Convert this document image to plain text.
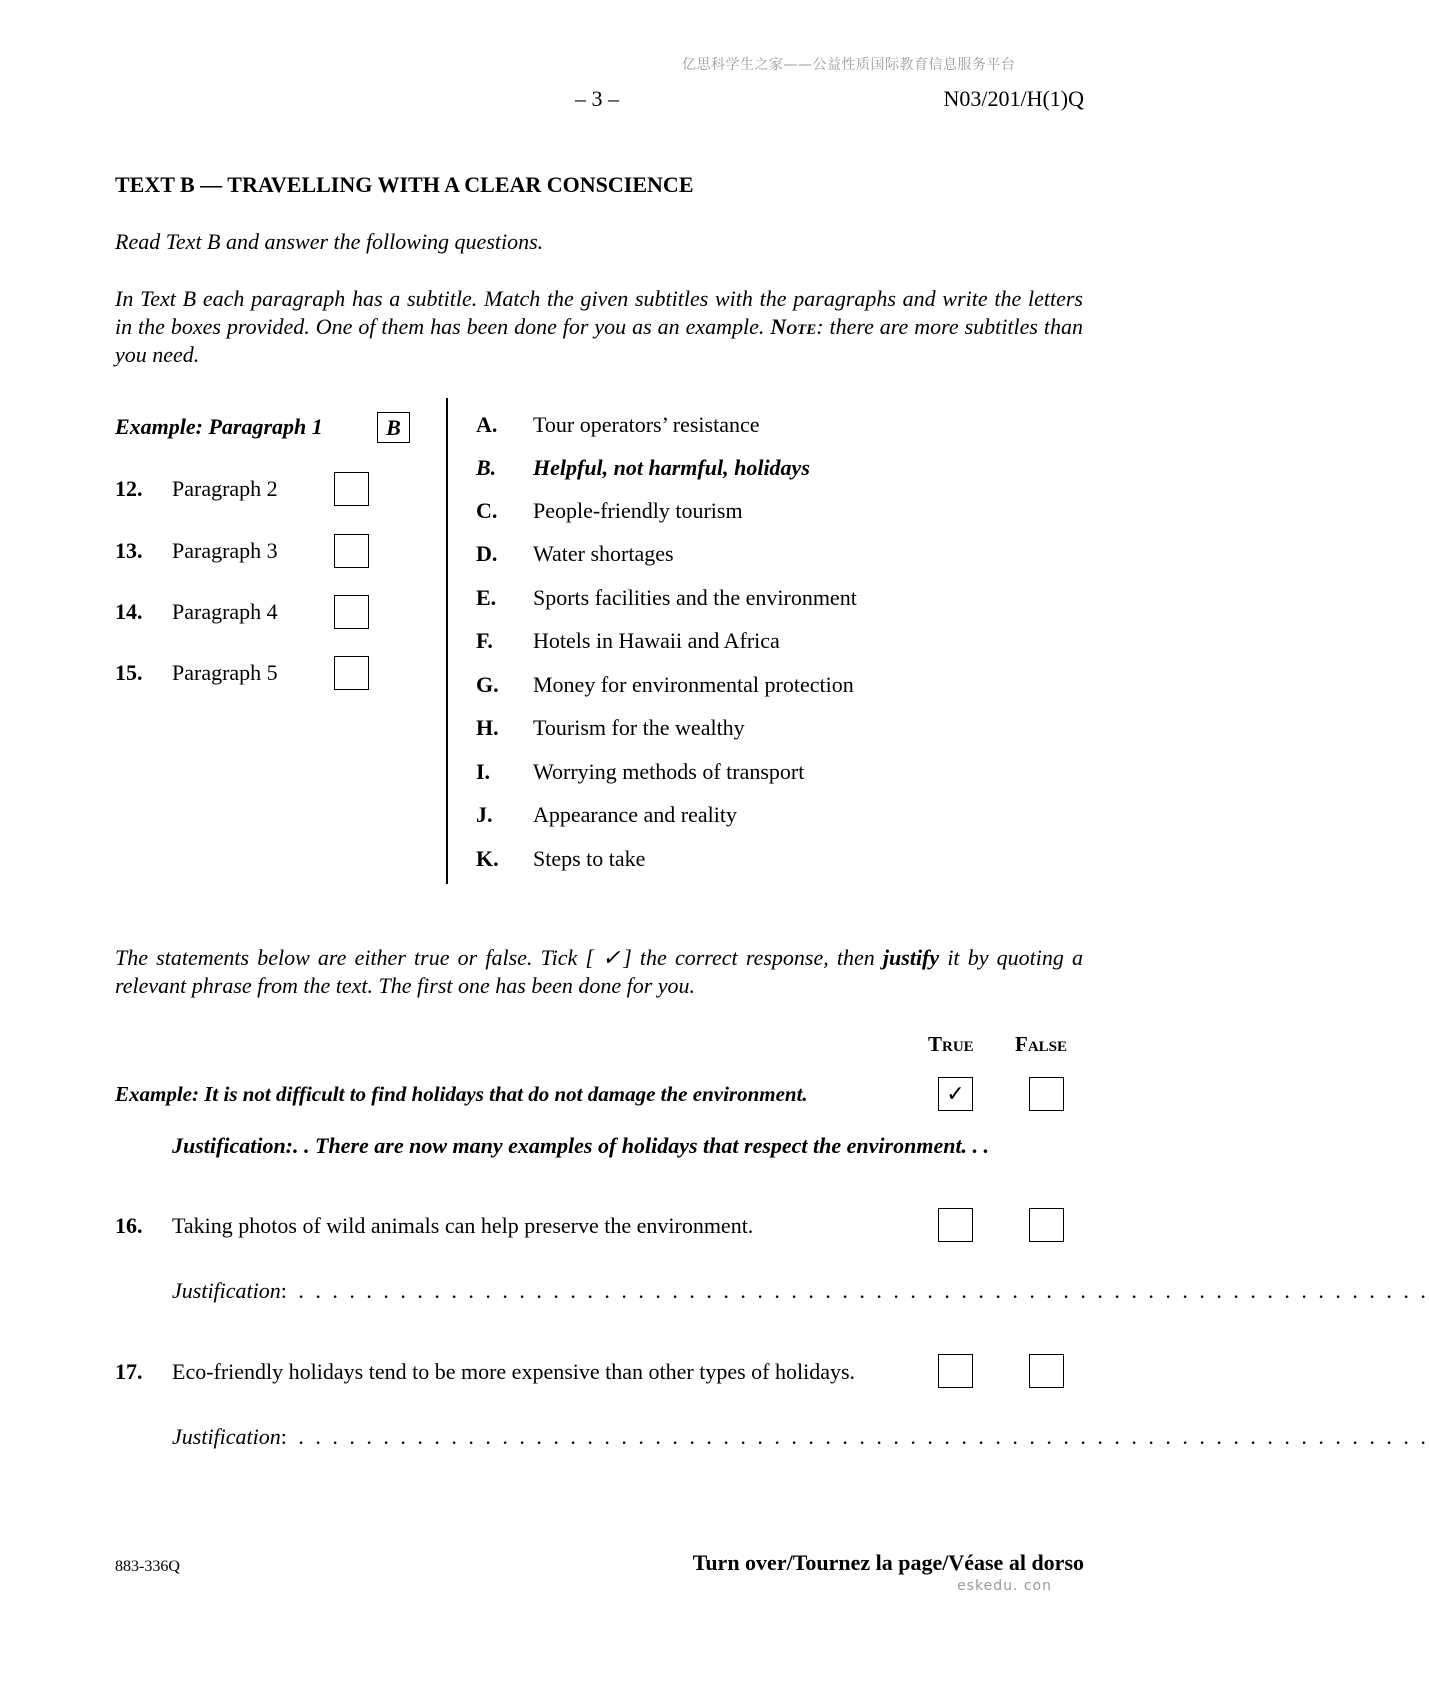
亿思科学生之家——公益性质国际教育信息服务平台
– 3 –	N03/201/H(1)Q
TEXT B — TRAVELLING WITH A CLEAR CONSCIENCE
Read Text B and answer the following questions.
In Text B each paragraph has a subtitle. Match the given subtitles with the paragraphs and write the letters in the boxes provided. One of them has been done for you as an example. Note: there are more subtitles than you need.
Example: Paragraph 1	B
12. Paragraph 2
13. Paragraph 3
14. Paragraph 4
15. Paragraph 5
A. Tour operators’ resistance
B. Helpful, not harmful, holidays
C. People-friendly tourism
D. Water shortages
E. Sports facilities and the environment
F. Hotels in Hawaii and Africa
G. Money for environmental protection
H. Tourism for the wealthy
I. Worrying methods of transport
J. Appearance and reality
K. Steps to take
The statements below are either true or false. Tick [ ✓] the correct response, then justify it by quoting a relevant phrase from the text. The first one has been done for you.
True False
Example: It is not difficult to find holidays that do not damage the environment.	✓
Justification:. . There are now many examples of holidays that respect the environment. . .
16. Taking photos of wild animals can help preserve the environment.
Justification: . . . . . . . . . . . . . . . . . . . . . . . . . . . . . . . . . . . . . . . . . . . . . . . . . . . . . . . . . . . . . . . . . . .
17. Eco-friendly holidays tend to be more expensive than other types of holidays.
Justification: . . . . . . . . . . . . . . . . . . . . . . . . . . . . . . . . . . . . . . . . . . . . . . . . . . . . . . . . . . . . . . . . . . .
883-336Q	Turn over/Tournez la page/Véase al dorso
eskedu. con
